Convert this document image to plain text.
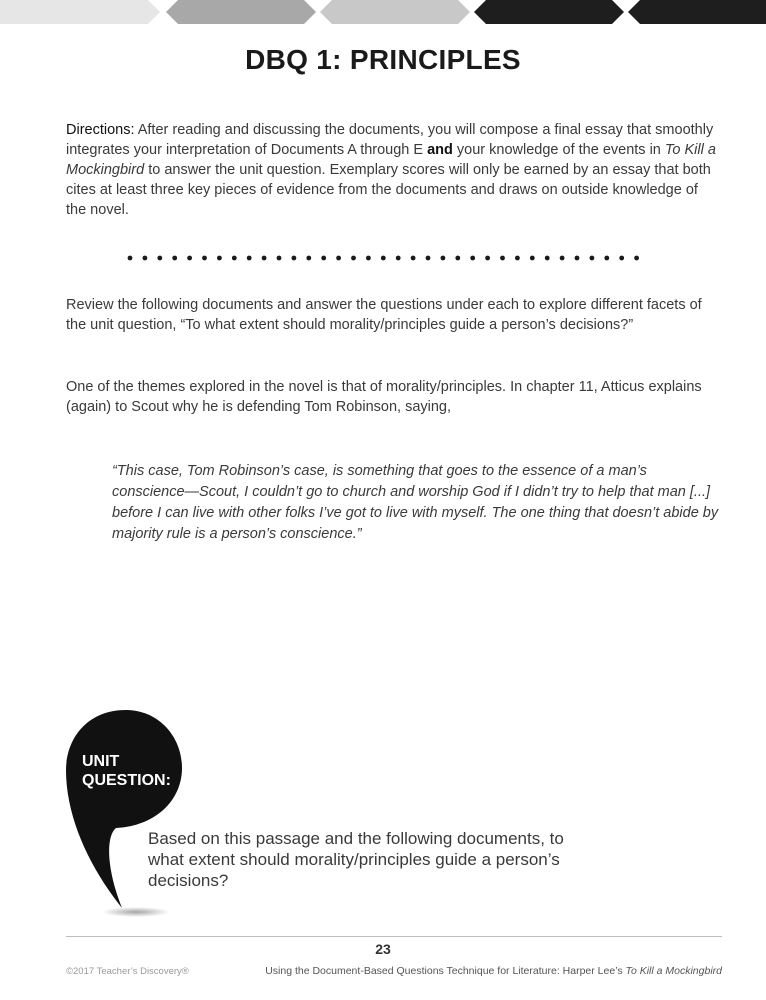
DBQ 1: PRINCIPLES
Directions: After reading and discussing the documents, you will compose a final essay that smoothly integrates your interpretation of Documents A through E and your knowledge of the events in To Kill a Mockingbird to answer the unit question. Exemplary scores will only be earned by an essay that both cites at least three key pieces of evidence from the documents and draws on outside knowledge of the novel.
Review the following documents and answer the questions under each to explore different facets of the unit question, “To what extent should morality/principles guide a person’s decisions?”
One of the themes explored in the novel is that of morality/principles. In chapter 11, Atticus explains (again) to Scout why he is defending Tom Robinson, saying,
“This case, Tom Robinson’s case, is something that goes to the essence of a man’s conscience—Scout, I couldn’t go to church and worship God if I didn’t try to help that man [...] before I can live with other folks I’ve got to live with myself. The one thing that doesn’t abide by majority rule is a person’s conscience.”
UNIT
QUESTION:
Based on this passage and the following documents, to what extent should morality/principles guide a person’s decisions?
23
©2017 Teacher’s Discovery®	Using the Document-Based Questions Technique for Literature: Harper Lee’s To Kill a Mockingbird
